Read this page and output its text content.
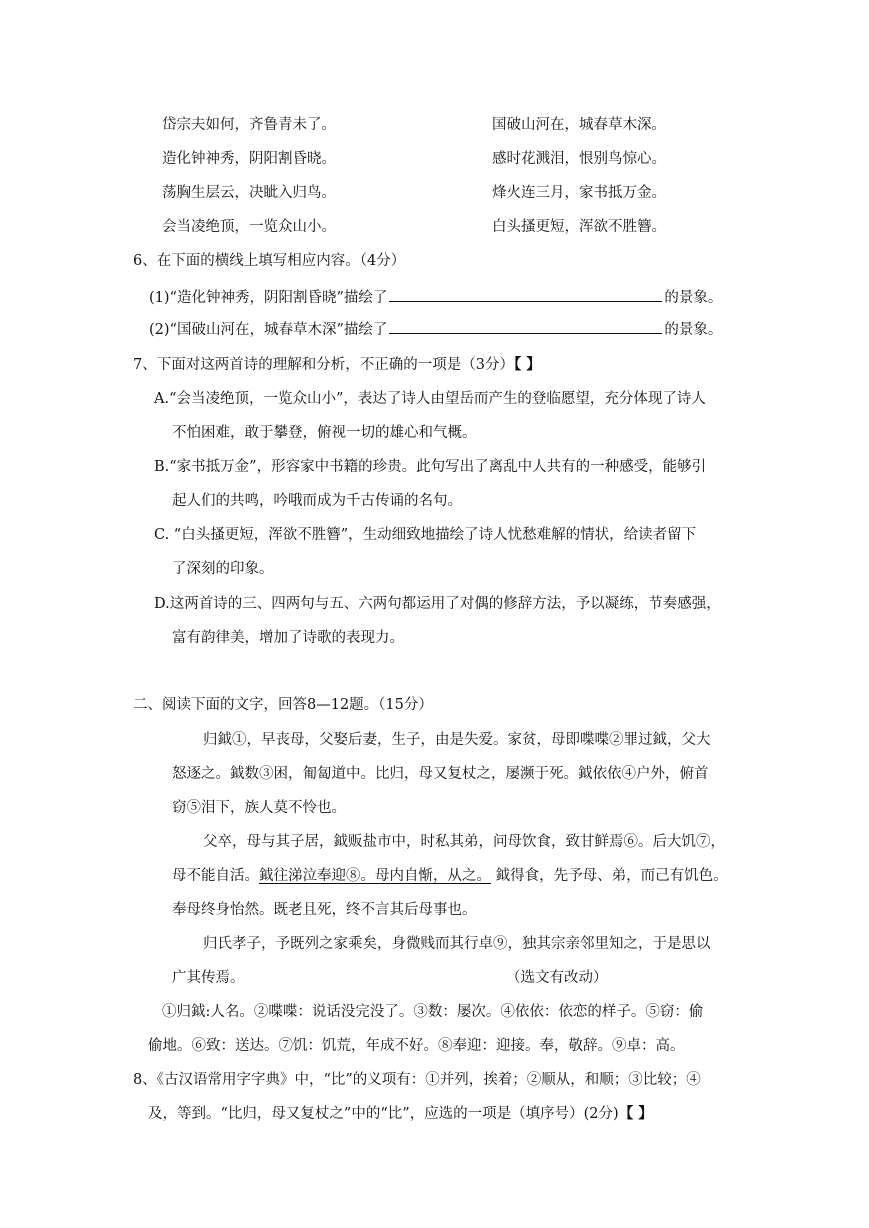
岱宗夫如何，齐鲁青未了。
造化钟神秀，阴阳割昏晓。
荡胸生层云，决眦入归鸟。
会当凌绝顶，一览众山小。
国破山河在，城春草木深。
感时花溅泪，恨别鸟惊心。
烽火连三月，家书抵万金。
白头搔更短，浑欲不胜簪。
6、在下面的横线上填写相应内容。（4分）
(1)“造化钟神秀，阴阳割昏晓”描绘了	的景象。
(2)“国破山河在，城春草木深”描绘了	的景象。
7、下面对这两首诗的理解和分析，不正确的一项是（3分）【 】
A.“会当凌绝顶，一览众山小”，表达了诗人由望岳而产生的登临愿望，充分体现了诗人
不怕困难，敢于攀登，俯视一切的雄心和气概。
B.“家书抵万金”，形容家中书籍的珍贵。此句写出了离乱中人共有的一种感受，能够引
起人们的共鸣，吟哦而成为千古传诵的名句。
C. “白头搔更短，浑欲不胜簪”，生动细致地描绘了诗人忧愁难解的情状，给读者留下
了深刻的印象。
D.这两首诗的三、四两句与五、六两句都运用了对偶的修辞方法，予以凝练，节奏感强，
富有韵律美，增加了诗歌的表现力。
二、阅读下面的文字，回答8—12题。（15分）
归鉞①，早丧母，父娶后妻，生子，由是失爱。家贫，母即喋喋②罪过鉞，父大
怒逐之。鉞数③困，匍匐道中。比归，母又复杖之，屡濒于死。鉞依依④户外，俯首
窃⑤泪下，族人莫不怜也。
父卒，母与其子居，鉞贩盐市中，时私其弟，问母饮食，致甘鲜焉⑥。后大饥⑦，
母不能自活。鉞往涕泣奉迎⑧。母内自惭，从之。 鉞得食，先予母、弟，而己有饥色。
奉母终身怡然。既老且死，终不言其后母事也。
归氏孝子，予既列之家乘矣，身微贱而其行卓⑨，独其宗亲邻里知之，于是思以
广其传焉。	（选文有改动）
①归鉞:人名。②喋喋：说话没完没了。③数：屡次。④依依：依恋的样子。⑤窃：偷
偷地。⑥致：送达。⑦饥：饥荒，年成不好。⑧奉迎：迎接。奉，敬辞。⑨卓：高。
8、《古汉语常用字字典》中，“比”的义项有：①并列，挨着；②顺从，和顺；③比较；④
及，等到。“比归，母又复杖之”中的“比”，应选的一项是（填序号）(2分)【 】
